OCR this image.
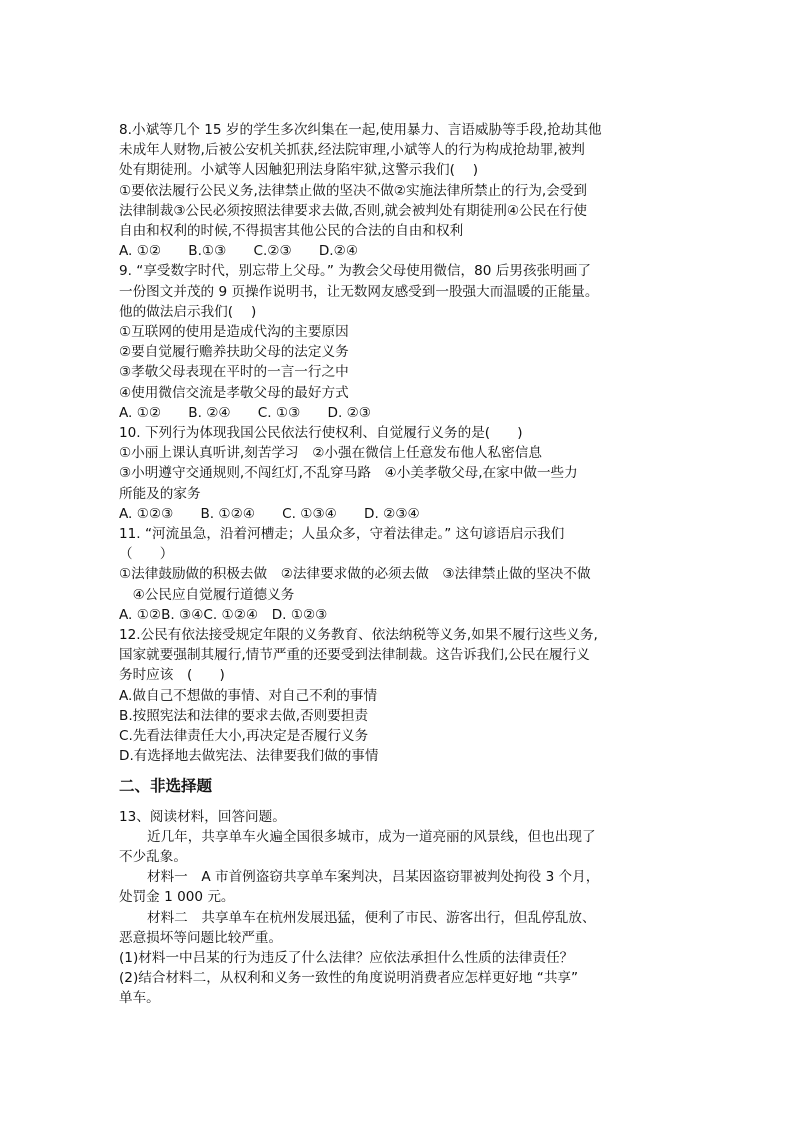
8.小斌等几个 15 岁的学生多次纠集在一起,使用暴力、言语威胁等手段,抢劫其他
未成年人财物,后被公安机关抓获,经法院审理,小斌等人的行为构成抢劫罪,被判
处有期徒刑。小斌等人因触犯刑法身陷牢狱,这警示我们(　 )
①要依法履行公民义务,法律禁止做的坚决不做②实施法律所禁止的行为,会受到
法律制裁③公民必须按照法律要求去做,否则,就会被判处有期徒刑④公民在行使
自由和权利的时候,不得损害其他公民的合法的自由和权利
A. ①②　　B.①③　　C.②③　　D.②④
9. “享受数字时代，别忘带上父母。” 为教会父母使用微信，80 后男孩张明画了
一份图文并茂的 9 页操作说明书，让无数网友感受到一股强大而温暖的正能量。
他的做法启示我们(　 )
①互联网的使用是造成代沟的主要原因
②要自觉履行赡养扶助父母的法定义务
③孝敬父母表现在平时的一言一行之中
④使用微信交流是孝敬父母的最好方式
A. ①②　　B. ②④　　C. ①③　　D. ②③
10. 下列行为体现我国公民依法行使权利、自觉履行义务的是(　　)
①小丽上课认真听讲,刻苦学习　②小强在微信上任意发布他人私密信息
③小明遵守交通规则,不闯红灯,不乱穿马路　④小美孝敬父母,在家中做一些力
所能及的家务
A. ①②③　　B. ①②④　　C. ①③④　　D. ②③④
11. “河流虽急，沿着河槽走；人虽众多，守着法律走。” 这句谚语启示我们
（　　）
①法律鼓励做的积极去做　②法律要求做的必须去做　③法律禁止做的坚决不做
　④公民应自觉履行道德义务
A. ①②B. ③④C. ①②④　D. ①②③
12.公民有依法接受规定年限的义务教育、依法纳税等义务,如果不履行这些义务,
国家就要强制其履行,情节严重的还要受到法律制裁。这告诉我们,公民在履行义
务时应该　(　　)
A.做自己不想做的事情、对自己不利的事情
B.按照宪法和法律的要求去做,否则要担责
C.先看法律责任大小,再决定是否履行义务
D.有选择地去做宪法、法律要我们做的事情
二、非选择题
13、阅读材料，回答问题。
近几年，共享单车火遍全国很多城市，成为一道亮丽的风景线，但也出现了
不少乱象。
材料一　A 市首例盗窃共享单车案判决，吕某因盗窃罪被判处拘役 3 个月，
处罚金 1 000 元。
材料二　共享单车在杭州发展迅猛，便利了市民、游客出行，但乱停乱放、
恶意损坏等问题比较严重。
(1)材料一中吕某的行为违反了什么法律？应依法承担什么性质的法律责任？
(2)结合材料二，从权利和义务一致性的角度说明消费者应怎样更好地 “共享”
单车。
